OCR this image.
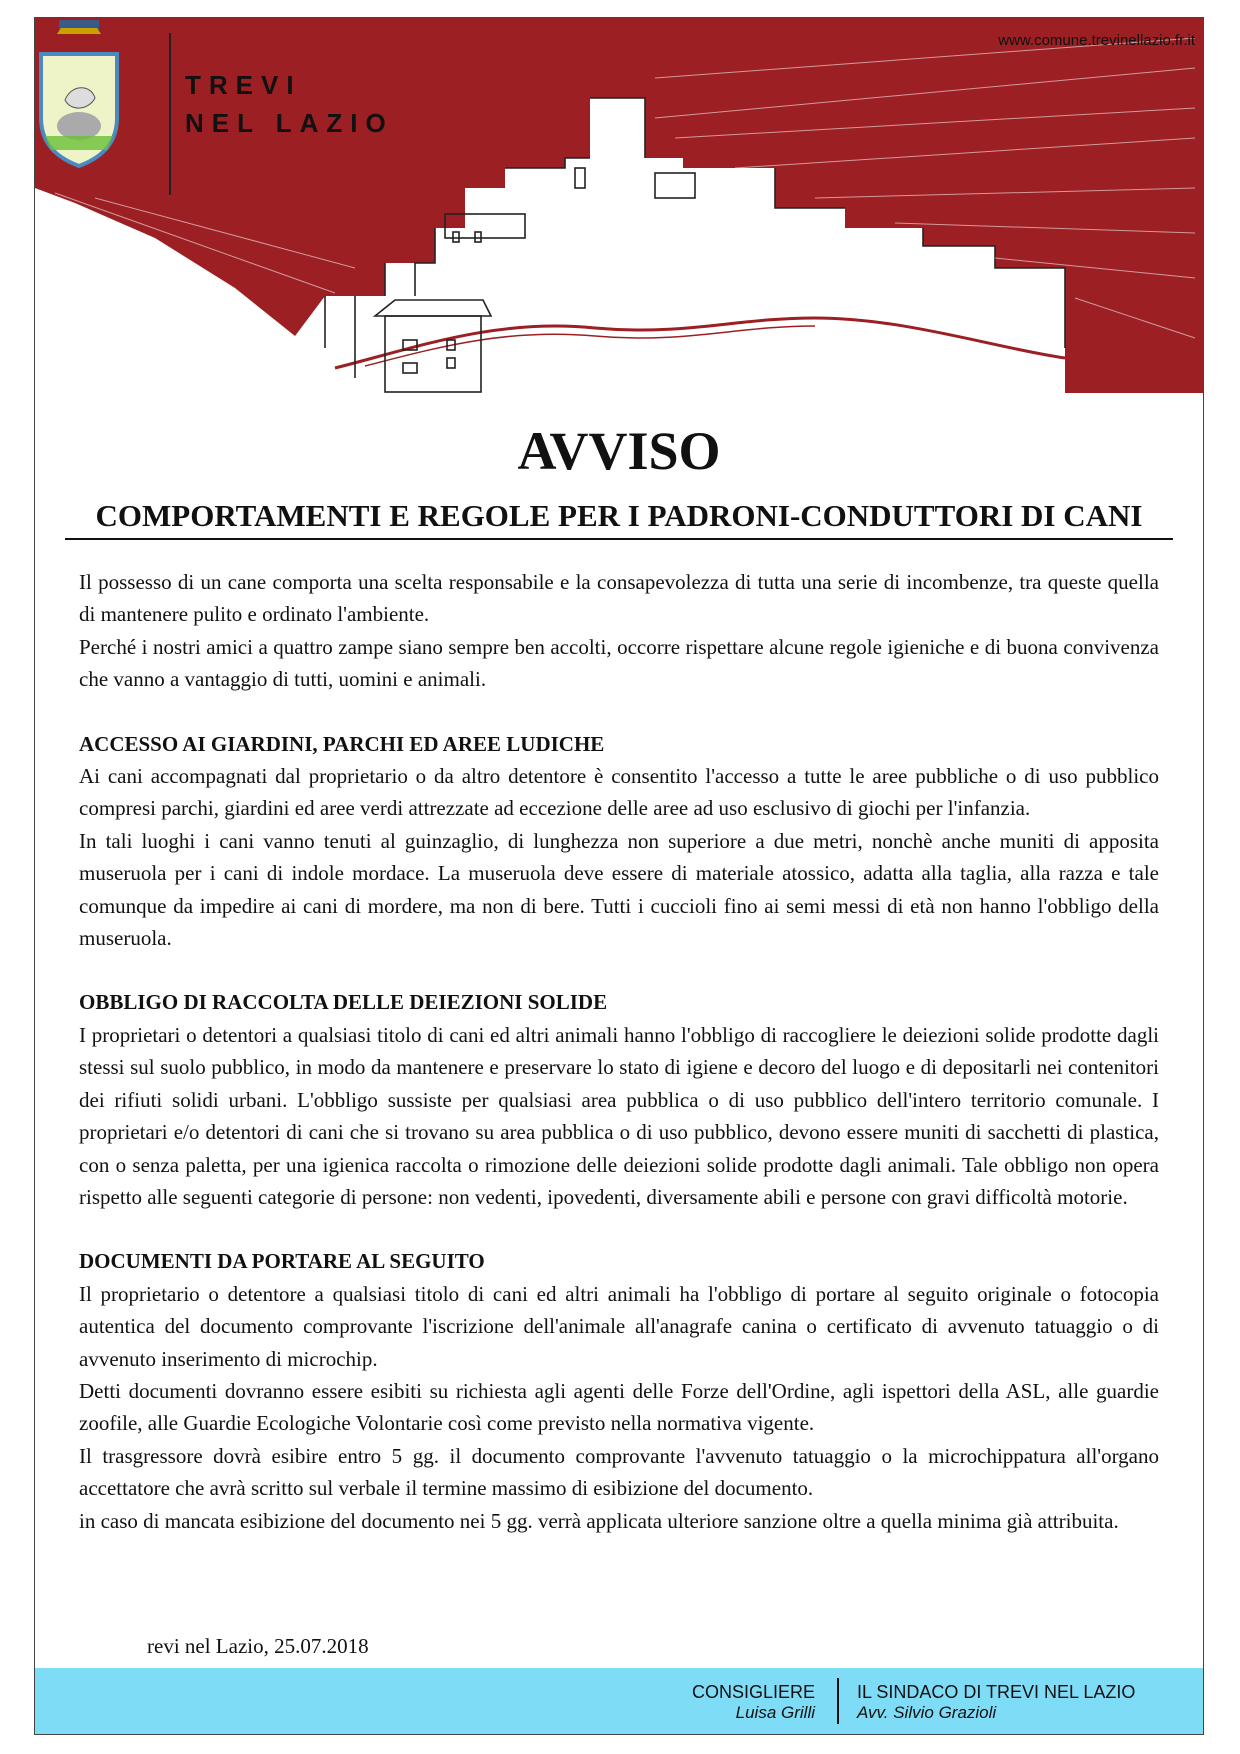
TREVI
NEL LAZIO
www.comune.trevinellazio.fr.it
AVVISO
COMPORTAMENTI E REGOLE PER I PADRONI-CONDUTTORI DI CANI

Il possesso di un cane comporta una scelta responsabile e la consapevolezza di tutta una serie di incombenze, tra queste quella di mantenere pulito e ordinato l'ambiente.

Perché i nostri amici a quattro zampe siano sempre ben accolti, occorre rispettare alcune regole igieniche e di buona convivenza che vanno a vantaggio di tutti, uomini e animali.

ACCESSO AI GIARDINI, PARCHI ED AREE LUDICHE

Ai cani accompagnati dal proprietario o da altro detentore è consentito l'accesso a tutte le aree pubbliche o di uso pubblico compresi parchi, giardini ed aree verdi attrezzate ad eccezione delle aree ad uso esclusivo di giochi per l'infanzia.

In tali luoghi i cani vanno tenuti al guinzaglio, di lunghezza non superiore a due metri, nonchè anche muniti di apposita museruola per i cani di indole mordace. La museruola deve essere di materiale atossico, adatta alla taglia, alla razza e tale comunque da impedire ai cani di mordere, ma non di bere. Tutti i cuccioli fino ai semi messi di età non hanno l'obbligo della museruola.

OBBLIGO DI RACCOLTA DELLE DEIEZIONI SOLIDE

I proprietari o detentori a qualsiasi titolo di cani ed altri animali hanno l'obbligo di raccogliere le deiezioni solide prodotte dagli stessi sul suolo pubblico, in modo da mantenere e preservare lo stato di igiene e decoro del luogo e di depositarli nei contenitori dei rifiuti solidi urbani. L'obbligo sussiste per qualsiasi area pubblica o di uso pubblico dell'intero territorio comunale. I proprietari e/o detentori di cani che si trovano su area pubblica o di uso pubblico, devono essere muniti di sacchetti di plastica, con o senza paletta, per una igienica raccolta o rimozione delle deiezioni solide prodotte dagli animali. Tale obbligo non opera rispetto alle seguenti categorie di persone: non vedenti, ipovedenti, diversamente abili e persone con gravi difficoltà motorie.

DOCUMENTI DA PORTARE AL SEGUITO

Il proprietario o detentore a qualsiasi titolo di cani ed altri animali ha l'obbligo di portare al seguito originale o fotocopia autentica del documento comprovante l'iscrizione dell'animale all'anagrafe canina o certificato di avvenuto tatuaggio o di avvenuto inserimento di microchip.

Detti documenti dovranno essere esibiti su richiesta agli agenti delle Forze dell'Ordine, agli ispettori della ASL, alle guardie zoofile, alle Guardie Ecologiche Volontarie così come previsto nella normativa vigente.

Il trasgressore dovrà esibire entro 5 gg. il documento comprovante l'avvenuto tatuaggio o la microchippatura all'organo accettatore che avrà scritto sul verbale il termine massimo di esibizione del documento.

in caso di mancata esibizione del documento nei 5 gg. verrà applicata ulteriore sanzione oltre a quella minima già attribuita.

revi nel Lazio, 25.07.2018
CONSIGLIERE
Luisa Grilli
IL SINDACO DI TREVI NEL LAZIO
Avv. Silvio Grazioli
